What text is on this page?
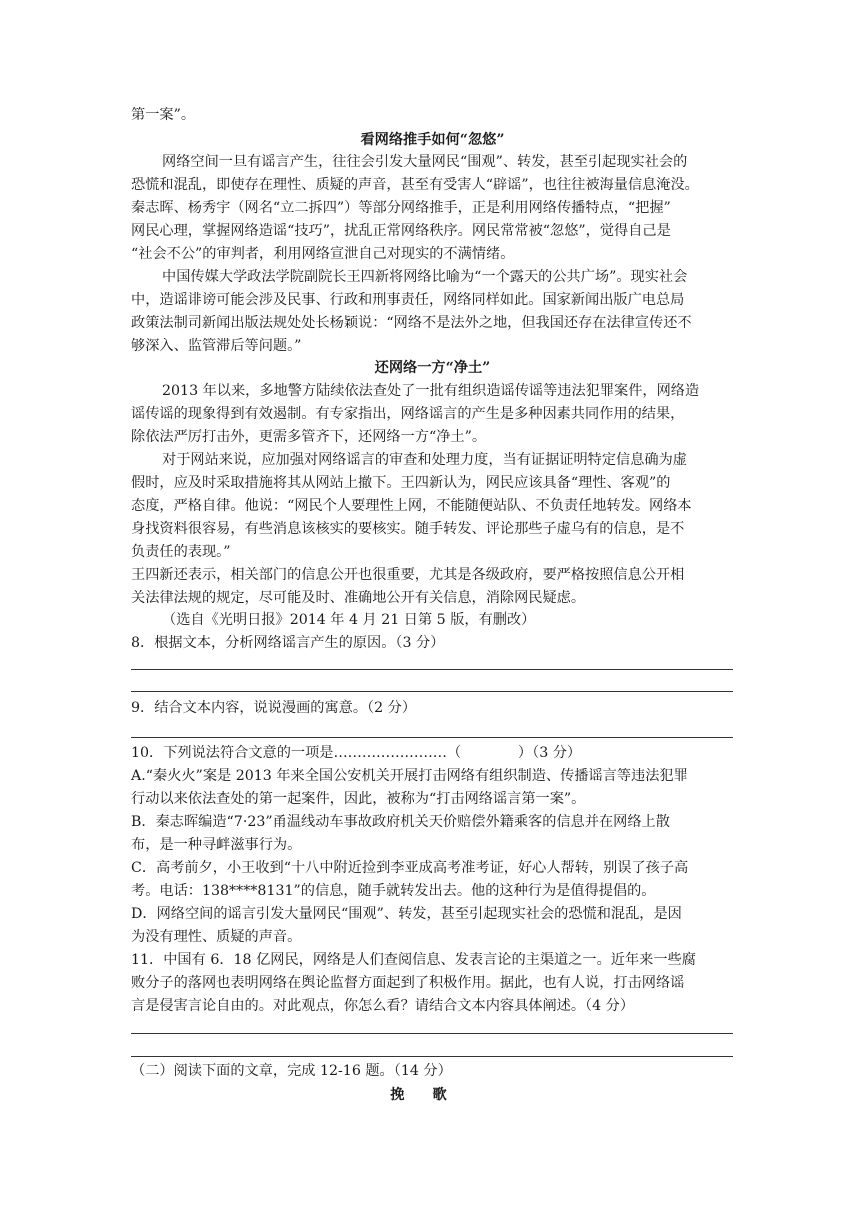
第一案”。
看网络推手如何“忽悠”
网络空间一旦有谣言产生，往往会引发大量网民“围观”、转发，甚至引起现实社会的
恐慌和混乱，即使存在理性、质疑的声音，甚至有受害人“辟谣”，也往往被海量信息淹没。
秦志晖、杨秀宇（网名“立二拆四”）等部分网络推手，正是利用网络传播特点，“把握”
网民心理，掌握网络造谣“技巧”，扰乱正常网络秩序。网民常常被“忽悠”，觉得自己是
“社会不公”的审判者，利用网络宣泄自己对现实的不满情绪。
中国传媒大学政法学院副院长王四新将网络比喻为“一个露天的公共广场”。现实社会
中，造谣诽谤可能会涉及民事、行政和刑事责任，网络同样如此。国家新闻出版广电总局
政策法制司新闻出版法规处处长杨颖说：“网络不是法外之地，但我国还存在法律宣传还不
够深入、监管滞后等问题。”
还网络一方“净土”
2013 年以来，多地警方陆续依法查处了一批有组织造谣传谣等违法犯罪案件，网络造
谣传谣的现象得到有效遏制。有专家指出，网络谣言的产生是多种因素共同作用的结果，
除依法严厉打击外，更需多管齐下，还网络一方“净土”。
对于网站来说，应加强对网络谣言的审查和处理力度，当有证据证明特定信息确为虚
假时，应及时采取措施将其从网站上撤下。王四新认为，网民应该具备“理性、客观”的
态度，严格自律。他说：“网民个人要理性上网，不能随便站队、不负责任地转发。网络本
身找资料很容易，有些消息该核实的要核实。随手转发、评论那些子虚乌有的信息，是不
负责任的表现。”
王四新还表示，相关部门的信息公开也很重要，尤其是各级政府，要严格按照信息公开相
关法律法规的规定，尽可能及时、准确地公开有关信息，消除网民疑虑。
（选自《光明日报》2014 年 4 月 21 日第 5 版，有删改）
8．根据文本，分析网络谣言产生的原因。（3 分）
9．结合文本内容，说说漫画的寓意。（2 分）
10．下列说法符合文意的一项是……………………（　　　　）（3 分）
A.“秦火火”案是 2013 年来全国公安机关开展打击网络有组织制造、传播谣言等违法犯罪
行动以来依法查处的第一起案件，因此，被称为“打击网络谣言第一案”。
B．秦志晖编造“7·23”甬温线动车事故政府机关天价赔偿外籍乘客的信息并在网络上散
布，是一种寻衅滋事行为。
C．高考前夕，小王收到“十八中附近捡到李亚成高考准考证，好心人帮转，别误了孩子高
考。电话：138****8131”的信息，随手就转发出去。他的这种行为是值得提倡的。
D．网络空间的谣言引发大量网民“围观”、转发，甚至引起现实社会的恐慌和混乱，是因
为没有理性、质疑的声音。
11．中国有 6．18 亿网民，网络是人们查阅信息、发表言论的主渠道之一。近年来一些腐
败分子的落网也表明网络在舆论监督方面起到了积极作用。据此，也有人说，打击网络谣
言是侵害言论自由的。对此观点，你怎么看？请结合文本内容具体阐述。（4 分）
（二）阅读下面的文章，完成 12-16 题。（14 分）
挽歌
